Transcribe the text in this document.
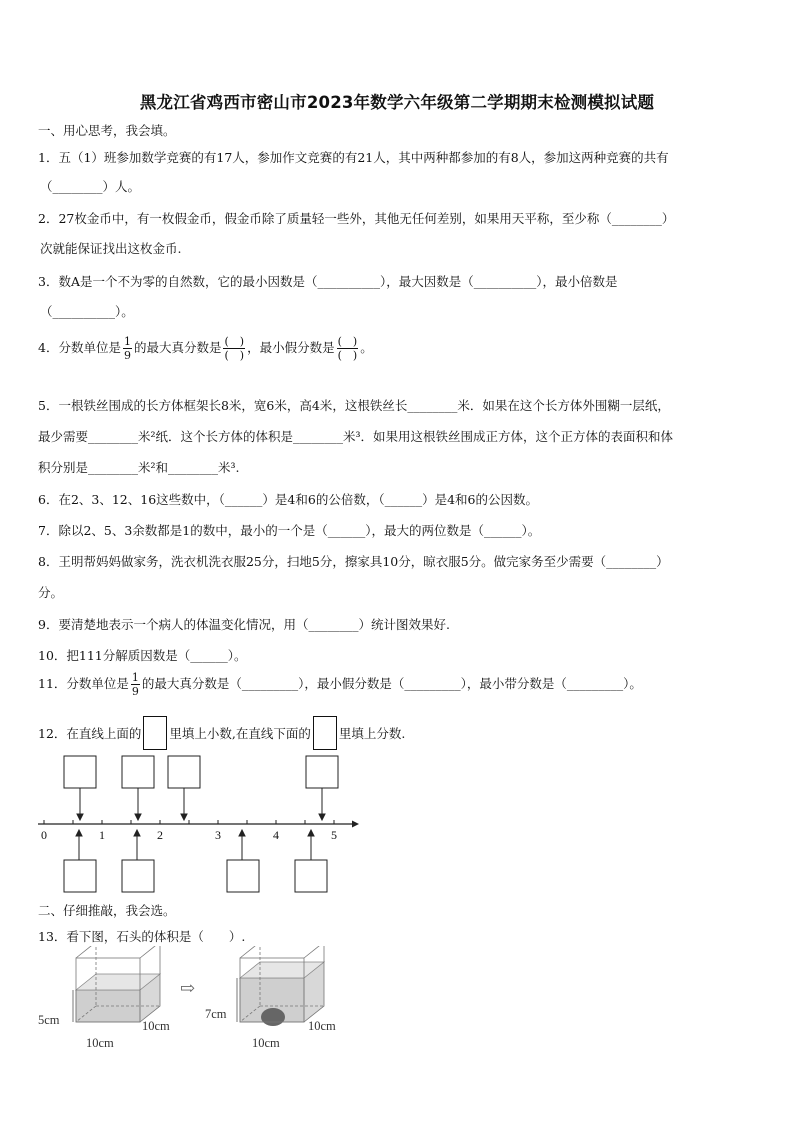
黑龙江省鸡西市密山市2023年数学六年级第二学期期末检测模拟试题
一、用心思考，我会填。
1．五（1）班参加数学竞赛的有17人，参加作文竞赛的有21人，其中两种都参加的有8人，参加这两种竞赛的共有
（________）人。
2．27枚金币中，有一枚假金币，假金币除了质量轻一些外，其他无任何差别，如果用天平称，至少称（________）
次就能保证找出这枚金币.
3．数A是一个不为零的自然数，它的最小因数是（__________），最大因数是（__________），最小倍数是
（__________）。
4．分数单位是 $\frac{1}{9}$ 的最大真分数是 $\frac{( )}{( )}$ ，最小假分数是 $\frac{( )}{( )}$ 。
5．一根铁丝围成的长方体框架长8米，宽6米，高4米，这根铁丝长________米．如果在这个长方体外围糊一层纸，
最少需要________米²纸．这个长方体的体积是________米³．如果用这根铁丝围成正方体，这个正方体的表面积和体
积分别是________米²和________米³.
6．在2、3、12、16这些数中，（______）是4和6的公倍数，（______）是4和6的公因数。
7．除以2、5、3余数都是1的数中，最小的一个是（______），最大的两位数是（______）。
8．王明帮妈妈做家务，洗衣机洗衣服25分，扫地5分，擦家具10分，晾衣服5分。做完家务至少需要（________）
分。
9．要清楚地表示一个病人的体温变化情况，用（________）统计图效果好.
10．把111分解质因数是（______）。
11．分数单位是 $\frac{1}{9}$ 的最大真分数是（_________），最小假分数是（_________），最小带分数是（_________）。
12．在直线上面的 里填上小数,在直线下面的 里填上分数.
0	1	2	3	4	5
二、仔细推敲，我会选。
13．看下图，石头的体积是（　　）.
5cm	10cm
10cm
⇨
7cm
10cm
10cm
